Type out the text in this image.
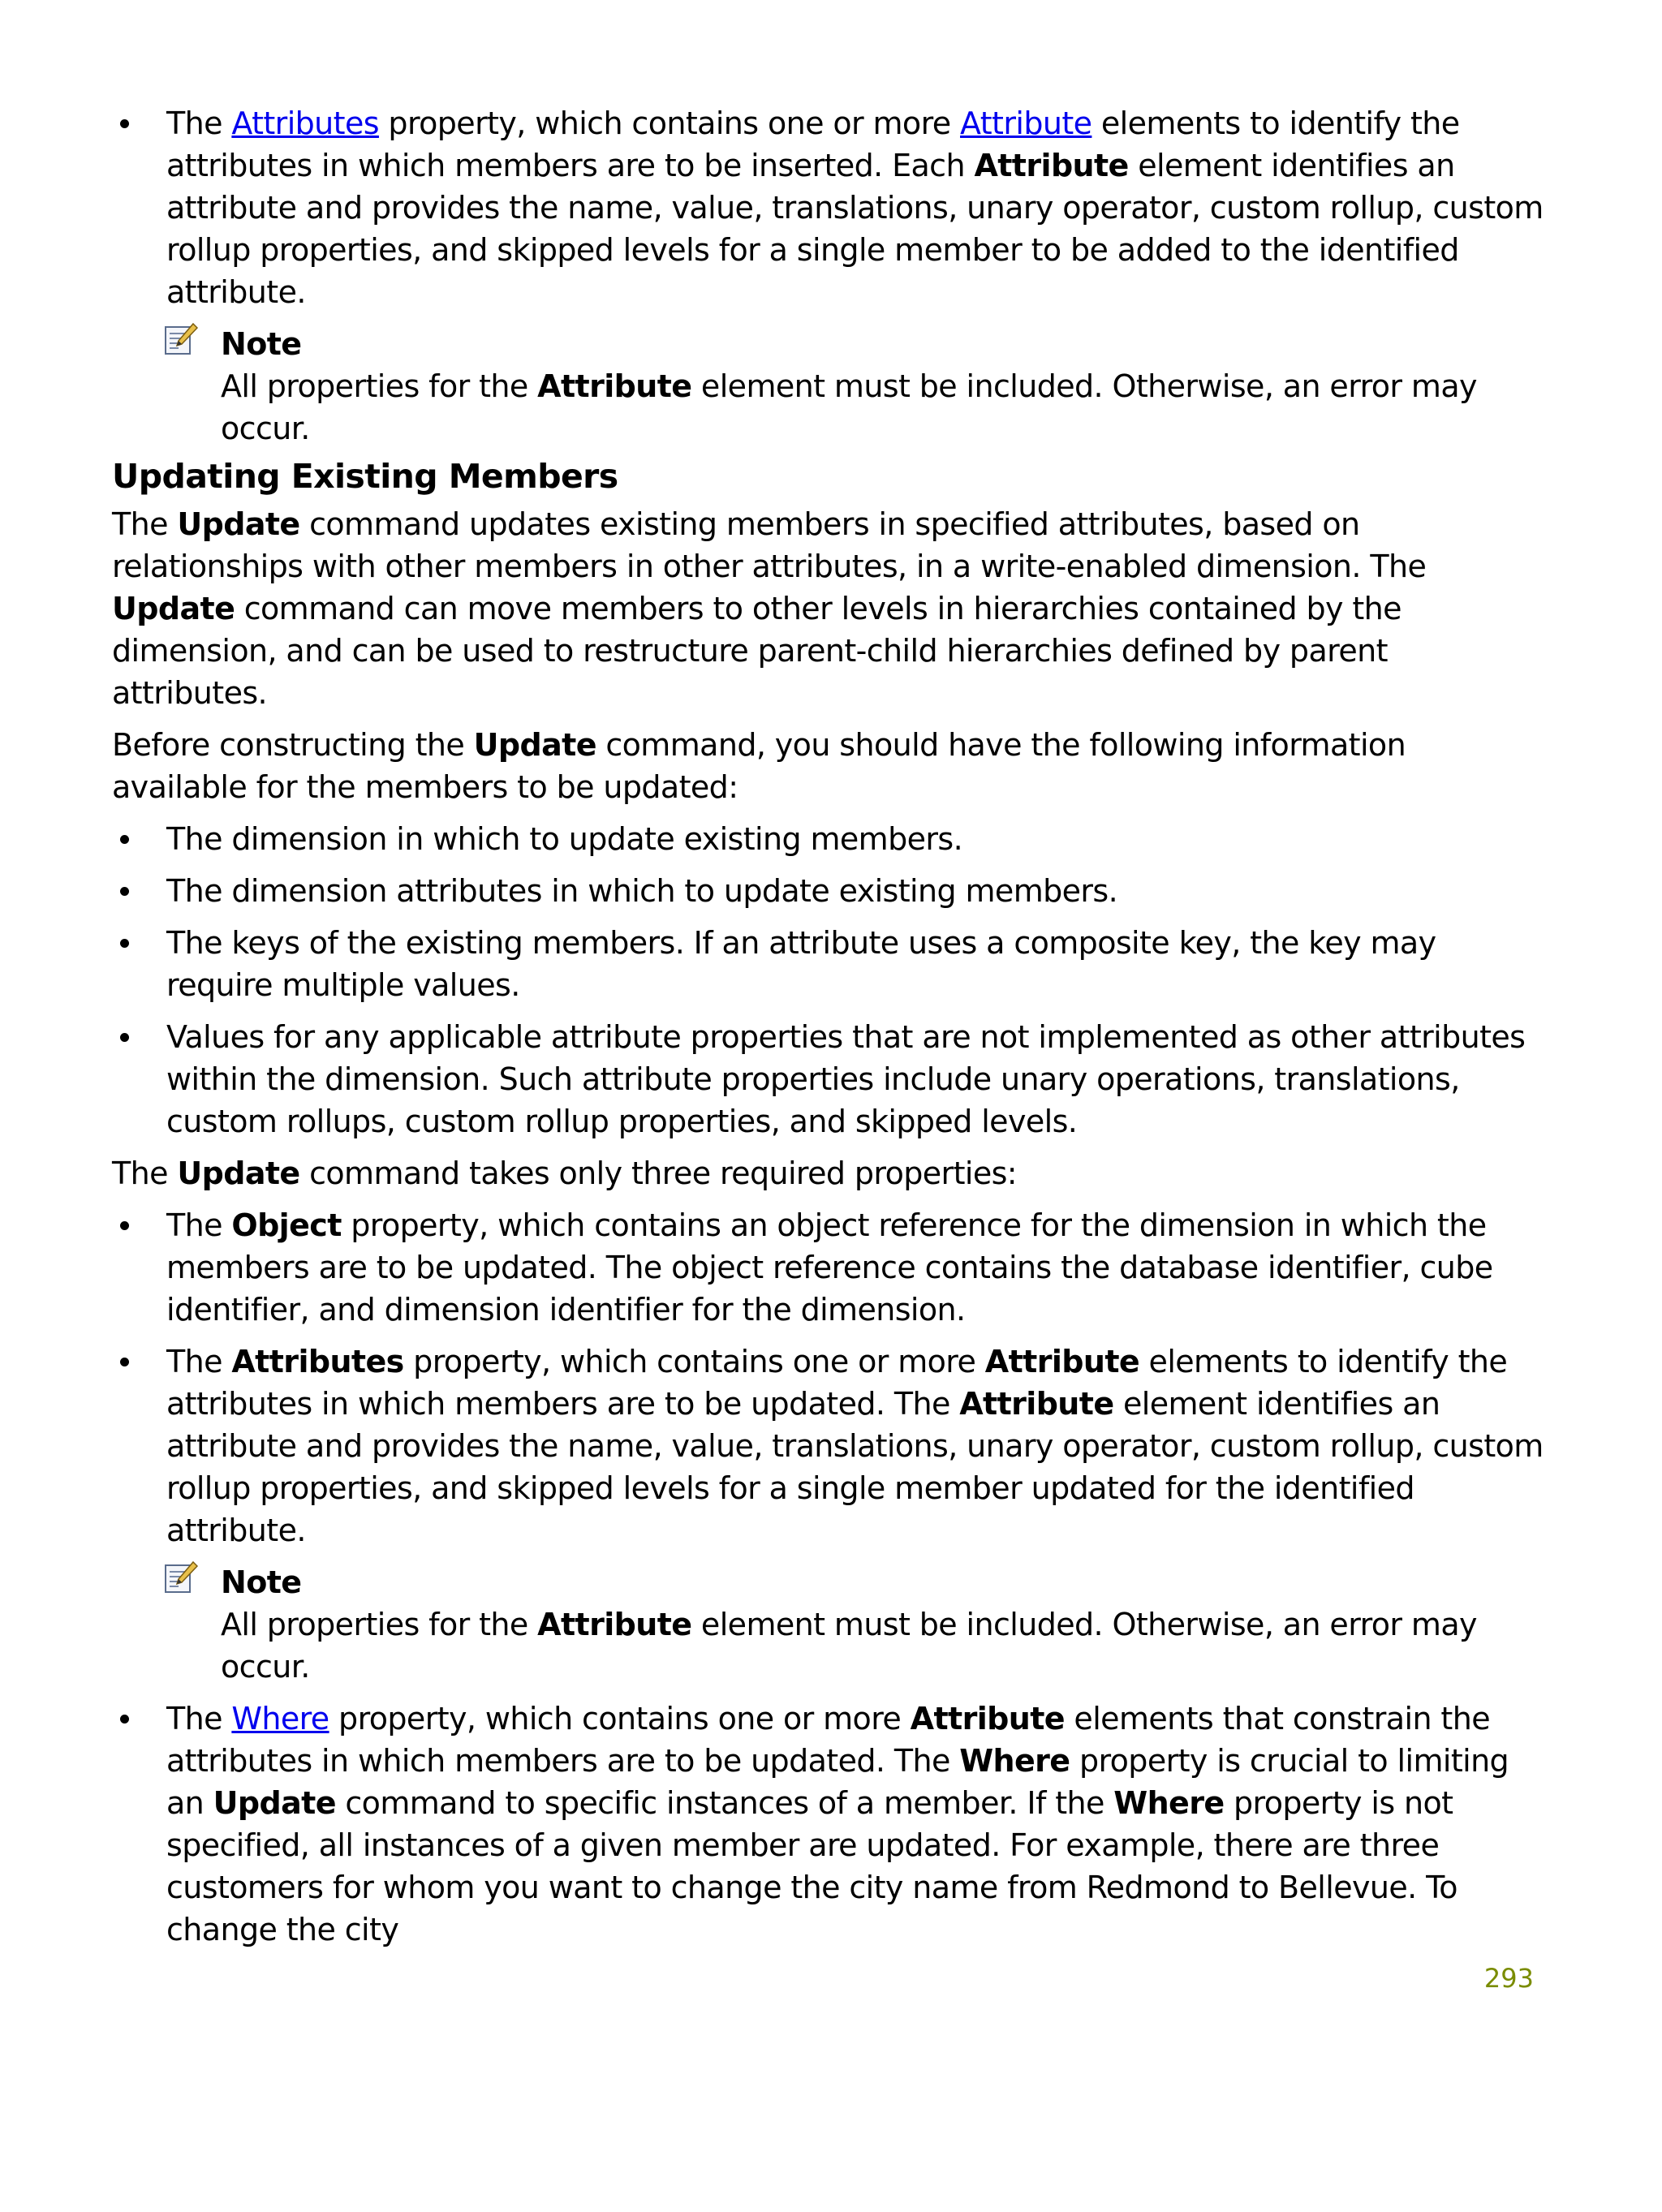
The Attributes property, which contains one or more Attribute elements to identify the attributes in which members are to be inserted. Each Attribute element identifies an attribute and provides the name, value, translations, unary operator, custom rollup, custom rollup properties, and skipped levels for a single member to be added to the identified attribute.
Note
All properties for the Attribute element must be included. Otherwise, an error may occur.
Updating Existing Members
The Update command updates existing members in specified attributes, based on relationships with other members in other attributes, in a write-enabled dimension. The Update command can move members to other levels in hierarchies contained by the dimension, and can be used to restructure parent-child hierarchies defined by parent attributes.
Before constructing the Update command, you should have the following information available for the members to be updated:
The dimension in which to update existing members.
The dimension attributes in which to update existing members.
The keys of the existing members. If an attribute uses a composite key, the key may require multiple values.
Values for any applicable attribute properties that are not implemented as other attributes within the dimension. Such attribute properties include unary operations, translations, custom rollups, custom rollup properties, and skipped levels.
The Update command takes only three required properties:
The Object property, which contains an object reference for the dimension in which the members are to be updated. The object reference contains the database identifier, cube identifier, and dimension identifier for the dimension.
The Attributes property, which contains one or more Attribute elements to identify the attributes in which members are to be updated. The Attribute element identifies an attribute and provides the name, value, translations, unary operator, custom rollup, custom rollup properties, and skipped levels for a single member updated for the identified attribute.
Note
All properties for the Attribute element must be included. Otherwise, an error may occur.
The Where property, which contains one or more Attribute elements that constrain the attributes in which members are to be updated. The Where property is crucial to limiting an Update command to specific instances of a member. If the Where property is not specified, all instances of a given member are updated. For example, there are three customers for whom you want to change the city name from Redmond to Bellevue. To change the city
293
